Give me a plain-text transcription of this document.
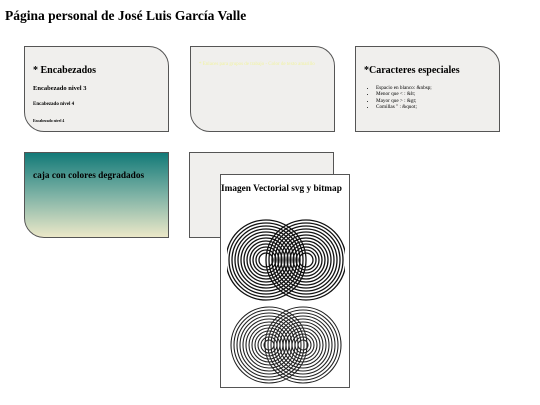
Página personal de José Luis García Valle

* Encabezados

Encabezado nivel 3

Encabezado nivel 4

Encabezado nivel 4

* Enlaces para grupos de trabajo - Color de texto amarillo

*Caracteres especiales

• Espacio en blanco: &nbsp;
• Menor que < : &lt;
• Mayor que > : &gt;
• Comillas " : &quot;

caja con colores degradados

Imagen Vectorial svg y bitmap
